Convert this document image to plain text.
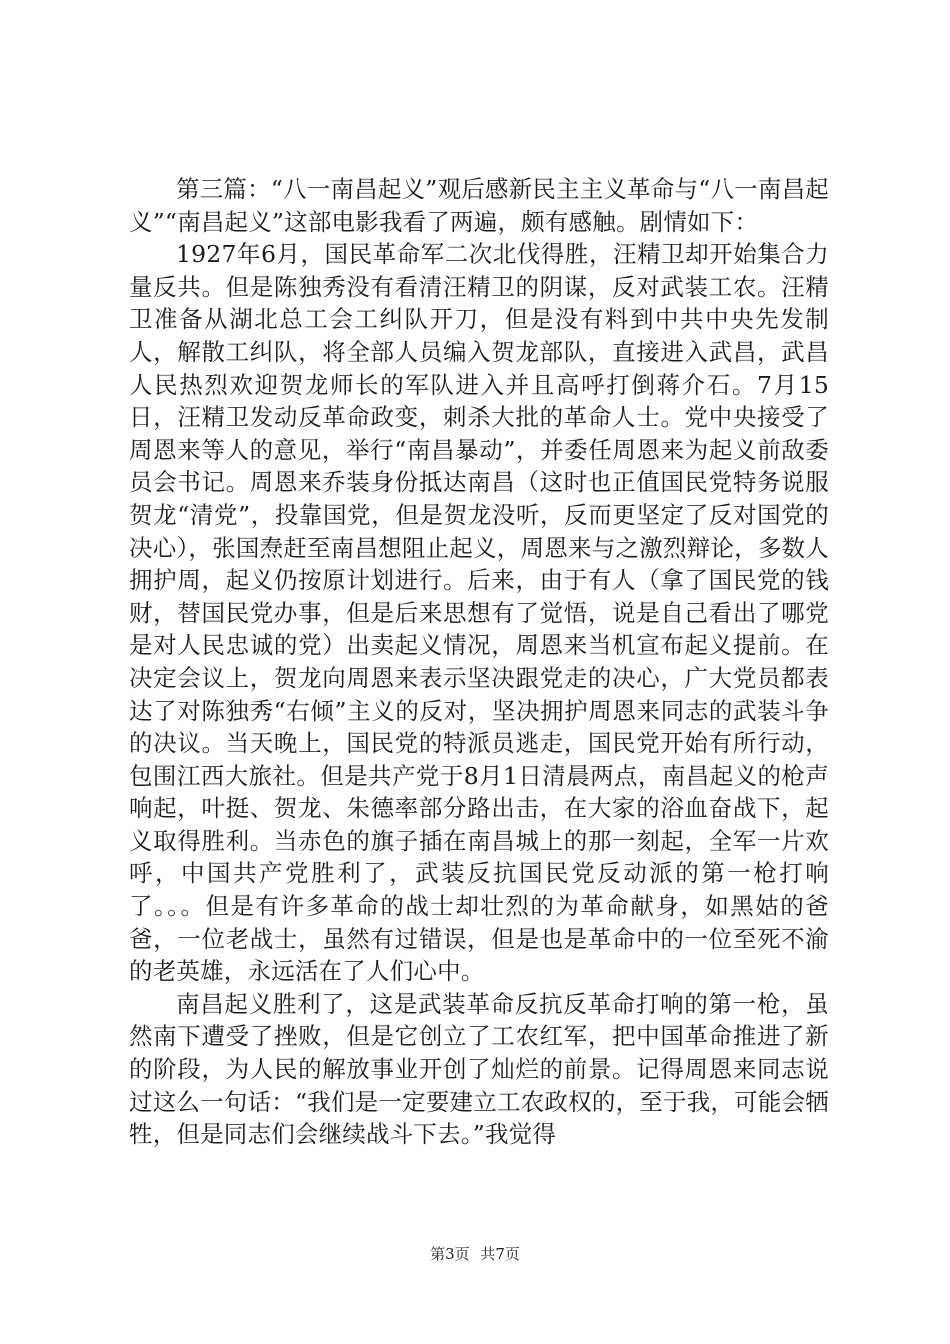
第三篇：“八一南昌起义”观后感新民主主义革命与“八一南昌起义”“南昌起义”这部电影我看了两遍，颇有感触。剧情如下：

1927年6月，国民革命军二次北伐得胜，汪精卫却开始集合力量反共。但是陈独秀没有看清汪精卫的阴谋，反对武装工农。汪精卫准备从湖北总工会工纠队开刀，但是没有料到中共中央先发制人，解散工纠队，将全部人员编入贺龙部队，直接进入武昌，武昌人民热烈欢迎贺龙师长的军队进入并且高呼打倒蒋介石。7月15日，汪精卫发动反革命政变，刺杀大批的革命人士。党中央接受了周恩来等人的意见，举行“南昌暴动”，并委任周恩来为起义前敌委员会书记。周恩来乔装身份抵达南昌（这时也正值国民党特务说服贺龙“清党”，投靠国党，但是贺龙没听，反而更坚定了反对国党的决心），张国焘赶至南昌想阻止起义，周恩来与之激烈辩论，多数人拥护周，起义仍按原计划进行。后来，由于有人（拿了国民党的钱财，替国民党办事，但是后来思想有了觉悟，说是自己看出了哪党是对人民忠诚的党）出卖起义情况，周恩来当机宣布起义提前。在决定会议上，贺龙向周恩来表示坚决跟党走的决心，广大党员都表达了对陈独秀“右倾”主义的反对，坚决拥护周恩来同志的武装斗争的决议。当天晚上，国民党的特派员逃走，国民党开始有所行动，包围江西大旅社。但是共产党于8月1日清晨两点，南昌起义的枪声响起，叶挺、贺龙、朱德率部分路出击，在大家的浴血奋战下，起义取得胜利。当赤色的旗子插在南昌城上的那一刻起，全军一片欢呼，中国共产党胜利了，武装反抗国民党反动派的第一枪打响了。。。但是有许多革命的战士却壮烈的为革命献身，如黑姑的爸爸，一位老战士，虽然有过错误，但是也是革命中的一位至死不渝的老英雄，永远活在了人们心中。

南昌起义胜利了，这是武装革命反抗反革命打响的第一枪，虽然南下遭受了挫败，但是它创立了工农红军，把中国革命推进了新的阶段，为人民的解放事业开创了灿烂的前景。记得周恩来同志说过这么一句话：“我们是一定要建立工农政权的，至于我，可能会牺牲，但是同志们会继续战斗下去。”我觉得

第3页 共7页
